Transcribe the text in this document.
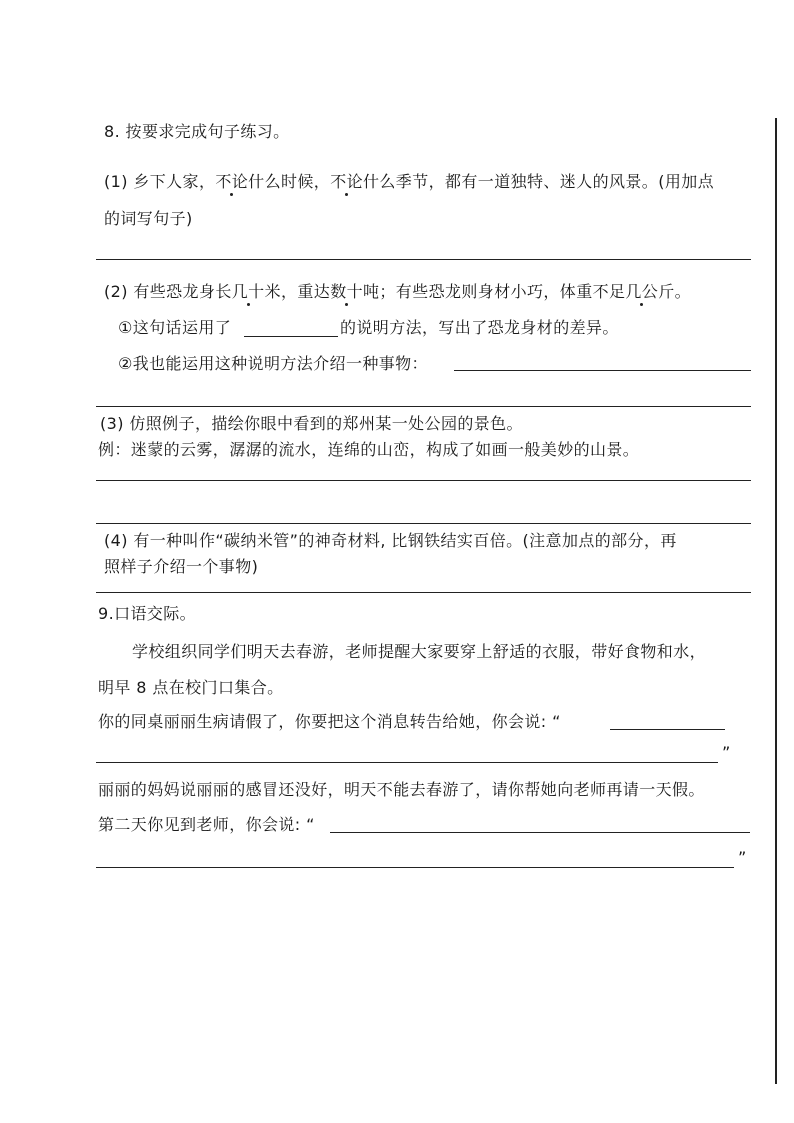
8. 按要求完成句子练习。
(1) 乡下人家，不论什么时候，不论什么季节，都有一道独特、迷人的风景。(用加点
的词写句子)
(2) 有些恐龙身长几十米，重达数十吨；有些恐龙则身材小巧，体重不足几公斤。
①这句话运用了	的说明方法，写出了恐龙身材的差异。
②我也能运用这种说明方法介绍一种事物：
(3) 仿照例子，描绘你眼中看到的郑州某一处公园的景色。
例：迷蒙的云雾，潺潺的流水，连绵的山峦，构成了如画一般美妙的山景。
(4) 有一种叫作“碳纳米管”的神奇材料, 比钢铁结实百倍。(注意加点的部分，再
照样子介绍一个事物)
9.口语交际。
学校组织同学们明天去春游，老师提醒大家要穿上舒适的衣服，带好食物和水，
明早 8 点在校门口集合。
你的同桌丽丽生病请假了，你要把这个消息转告给她，你会说: “
”
丽丽的妈妈说丽丽的感冒还没好，明天不能去春游了，请你帮她向老师再请一天假。
第二天你见到老师，你会说: “
”
